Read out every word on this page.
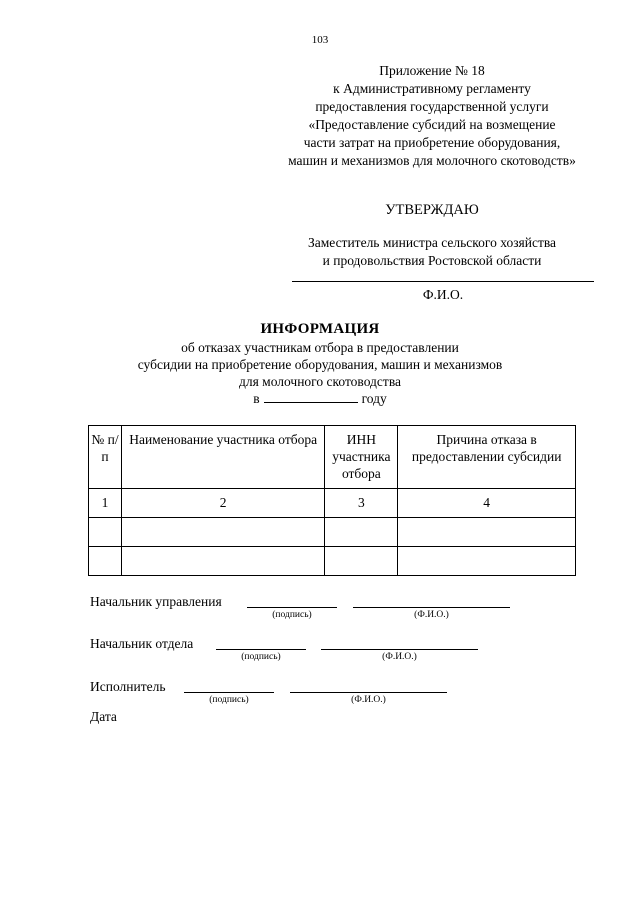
103
Приложение № 18
к Административному регламенту
предоставления государственной услуги
«Предоставление субсидий на возмещение
части затрат на приобретение оборудования,
машин и механизмов для молочного скотоводств»
УТВЕРЖДАЮ
Заместитель министра сельского хозяйства
и продовольствия Ростовской области
Ф.И.О.
ИНФОРМАЦИЯ
об отказах участникам отбора в предоставлении
субсидии на приобретение оборудования, машин и механизмов
для молочного скотоводства
в	году
№ п/п	Наименование участника отбора	ИНН участника отбора	Причина отказа в предоставлении субсидии
1	2	3	4

Начальник управления
(подпись)	(Ф.И.О.)
Начальник отдела
(подпись)	(Ф.И.О.)
Исполнитель
(подпись)	(Ф.И.О.)
Дата
